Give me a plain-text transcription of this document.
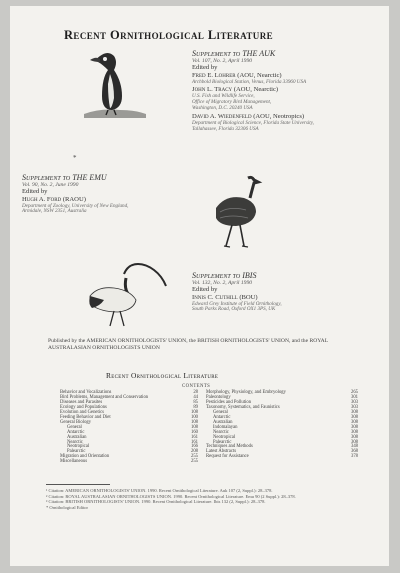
Recent Ornithological Literature
*
Supplement to THE AUK
Vol. 107, No. 2, April 1990
Edited by
Fred E. Lohrer (AOU, Nearctic)
Archbold Biological Station, Venus, Florida 33960 USA
John L. Tracy (AOU, Nearctic)
U.S. Fish and Wildlife Service,
Office of Migratory Bird Management,
Washington, D.C. 20240 USA
David A. Wiedenfeld (AOU, Neotropics)
Department of Biological Science, Florida State University,
Tallahassee, Florida 32306 USA
Supplement to THE EMU
Vol. 90, No. 2, June 1990
Edited by
Hugh A. Ford (RAOU)
Department of Zoology, University of New England,
Armidale, NSW 2351, Australia
Supplement to IBIS
Vol. 132, No. 2, April 1990
Edited by
Innis C. Cuthill (BOU)
Edward Grey Institute of Field Ornithology,
South Parks Road, Oxford OX1 3PS, UK
Published by the AMERICAN ORNITHOLOGISTS' UNION, the BRITISH ORNITHOLOGISTS' UNION, and the ROYAL AUSTRALASIAN ORNITHOLOGISTS UNION
Recent Ornithological Literature
CONTENTS
Behavior and Vocalizations	28
Bird Problems, Management and Conservation	44
Diseases and Parasites	85
Ecology and Populations	89
Evolution and Genetics	108
Feeding Behavior and Diet	100
General Biology	108
General	108
Antarctic	160
Australian	161
Nearctic	161
Neotropical	166
Palearctic	208
Migration and Orientation	255
Miscellaneous	255
Morphology, Physiology, and Embryology	265
Paleontology	301
Pesticides and Pollution	303
Taxonomy, Systematics, and Faunistics	303
General	308
Antarctic	308
Australian	308
Indomalayan	308
Nearctic	308
Neotropical	308
Palearctic	308
Techniques and Methods	348
Latest Abstracts	368
Request for Assistance	378
¹ Citation: AMERICAN ORNITHOLOGISTS' UNION. 1990. Recent Ornithological Literature. Auk 107 (2, Suppl.): 28–378.
² Citation: ROYAL AUSTRALASIAN ORNITHOLOGISTS UNION. 1990. Recent Ornithological Literature. Emu 90 (2 Suppl.): 28–378.
³ Citation: BRITISH ORNITHOLOGISTS' UNION. 1990. Recent Ornithological Literature. Ibis 132 (2, Suppl.): 28–378.
* Ornithological Editor
